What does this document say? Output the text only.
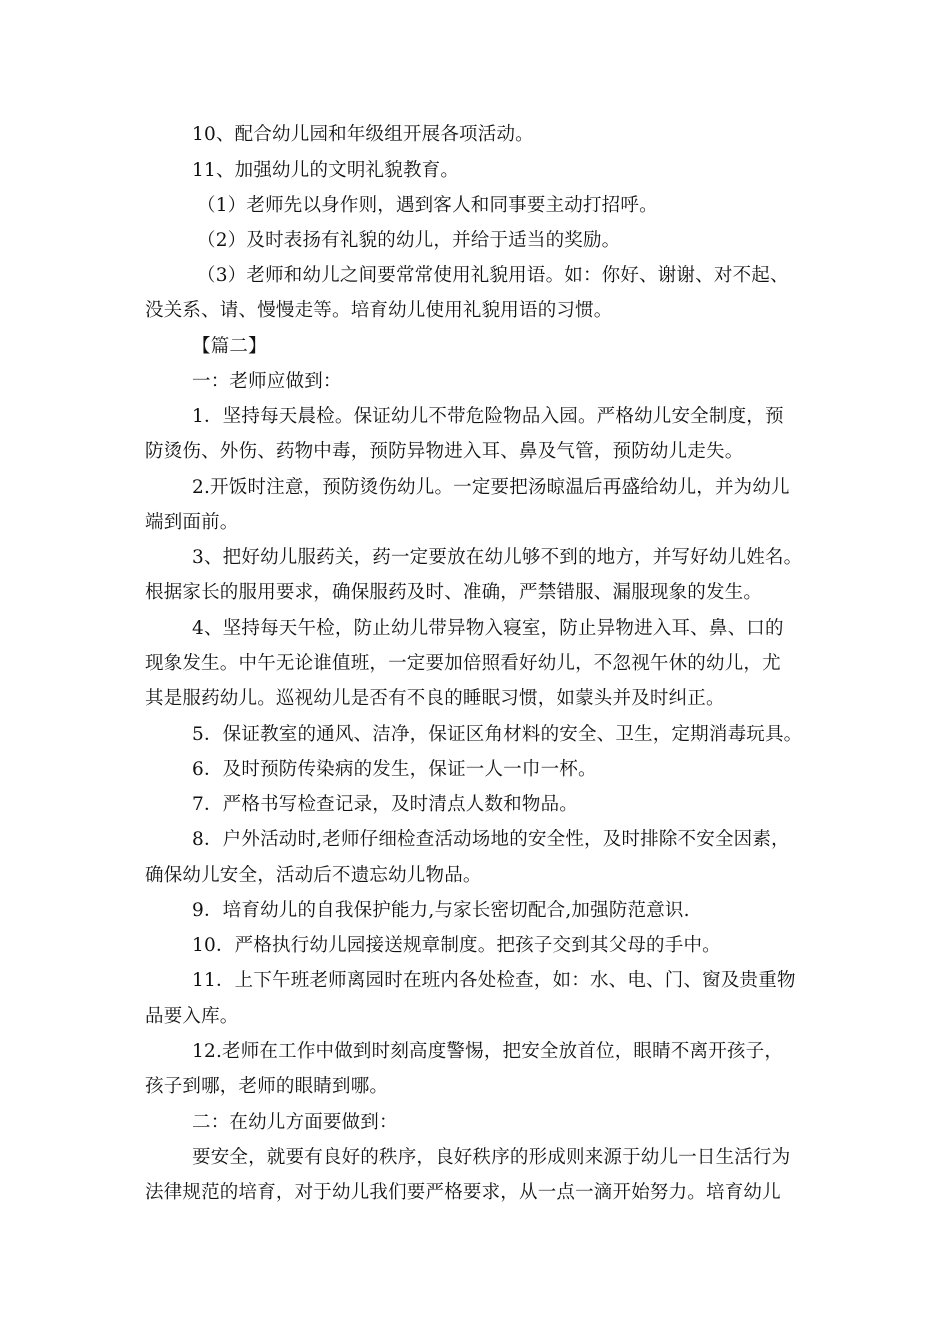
10、配合幼儿园和年级组开展各项活动。
11、加强幼儿的文明礼貌教育。
（1）老师先以身作则，遇到客人和同事要主动打招呼。
（2）及时表扬有礼貌的幼儿，并给于适当的奖励。
（3）老师和幼儿之间要常常使用礼貌用语。如：你好、谢谢、对不起、
没关系、请、慢慢走等。培育幼儿使用礼貌用语的习惯。
【篇二】
一：老师应做到：
1．坚持每天晨检。保证幼儿不带危险物品入园。严格幼儿安全制度，预
防烫伤、外伤、药物中毒，预防异物进入耳、鼻及气管，预防幼儿走失。
2.开饭时注意，预防烫伤幼儿。一定要把汤晾温后再盛给幼儿，并为幼儿
端到面前。
3、把好幼儿服药关，药一定要放在幼儿够不到的地方，并写好幼儿姓名。
根据家长的服用要求，确保服药及时、准确，严禁错服、漏服现象的发生。
4、坚持每天午检，防止幼儿带异物入寝室，防止异物进入耳、鼻、口的
现象发生。中午无论谁值班，一定要加倍照看好幼儿，不忽视午休的幼儿，尤
其是服药幼儿。巡视幼儿是否有不良的睡眠习惯，如蒙头并及时纠正。
5．保证教室的通风、洁净，保证区角材料的安全、卫生，定期消毒玩具。
6．及时预防传染病的发生，保证一人一巾一杯。
7．严格书写检查记录，及时清点人数和物品。
8．户外活动时,老师仔细检查活动场地的安全性，及时排除不安全因素，
确保幼儿安全，活动后不遗忘幼儿物品。
9．培育幼儿的自我保护能力,与家长密切配合,加强防范意识.
10．严格执行幼儿园接送规章制度。把孩子交到其父母的手中。
11．上下午班老师离园时在班内各处检查，如：水、电、门、窗及贵重物
品要入库。
12.老师在工作中做到时刻高度警惕，把安全放首位，眼睛不离开孩子，
孩子到哪，老师的眼睛到哪。
二：在幼儿方面要做到：
要安全，就要有良好的秩序，良好秩序的形成则来源于幼儿一日生活行为
法律规范的培育，对于幼儿我们要严格要求，从一点一滴开始努力。培育幼儿
